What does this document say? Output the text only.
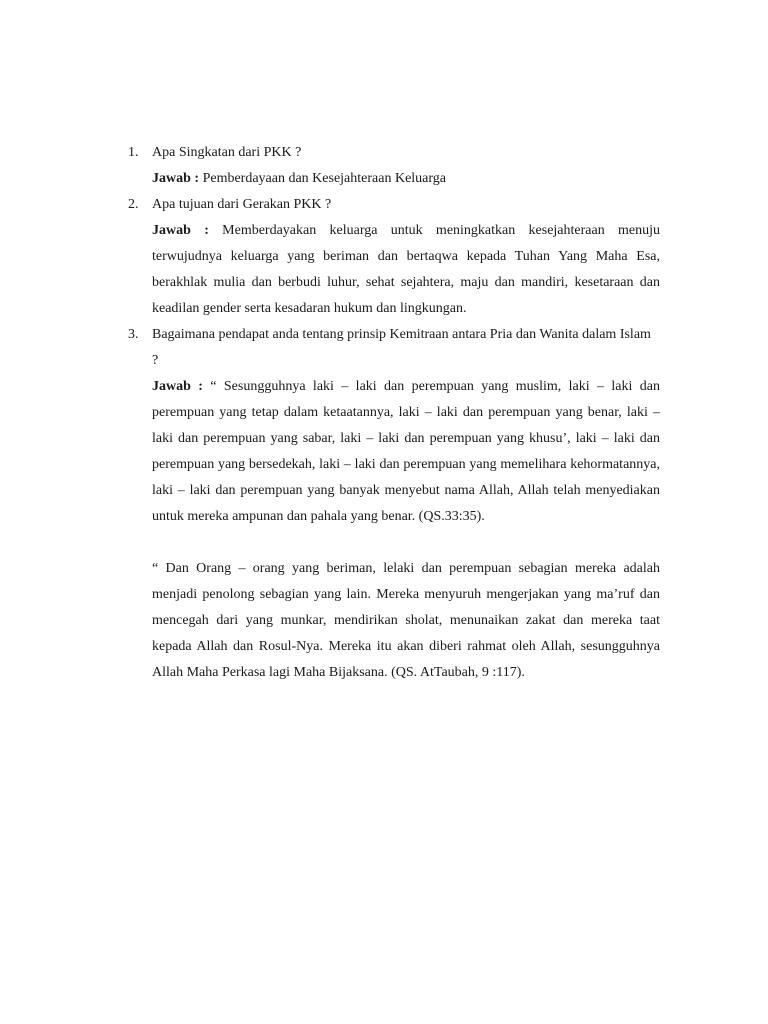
1. Apa Singkatan dari PKK ?
Jawab : Pemberdayaan dan Kesejahteraan Keluarga
2. Apa tujuan dari Gerakan PKK ?
Jawab : Memberdayakan keluarga untuk meningkatkan kesejahteraan menuju terwujudnya keluarga yang beriman dan bertaqwa kepada Tuhan Yang Maha Esa, berakhlak mulia dan berbudi luhur, sehat sejahtera, maju dan mandiri, kesetaraan dan keadilan gender serta kesadaran hukum dan lingkungan.
3. Bagaimana pendapat anda tentang prinsip Kemitraan antara Pria dan Wanita dalam Islam ?
Jawab : “ Sesungguhnya laki – laki dan perempuan yang muslim, laki – laki dan perempuan yang tetap dalam ketaatannya, laki – laki dan perempuan yang benar, laki – laki dan perempuan yang sabar, laki – laki dan perempuan yang khusu’, laki – laki dan perempuan yang bersedekah, laki – laki dan perempuan yang memelihara kehormatannya, laki – laki dan perempuan yang banyak menyebut nama Allah, Allah telah menyediakan untuk mereka ampunan dan pahala yang benar. (QS.33:35).
“ Dan Orang – orang yang beriman, lelaki dan perempuan sebagian mereka adalah menjadi penolong sebagian yang lain. Mereka menyuruh mengerjakan yang ma’ruf dan mencegah dari yang munkar, mendirikan sholat, menunaikan zakat dan mereka taat kepada Allah dan Rosul-Nya. Mereka itu akan diberi rahmat oleh Allah, sesungguhnya Allah Maha Perkasa lagi Maha Bijaksana. (QS. AtTaubah, 9 :117).
